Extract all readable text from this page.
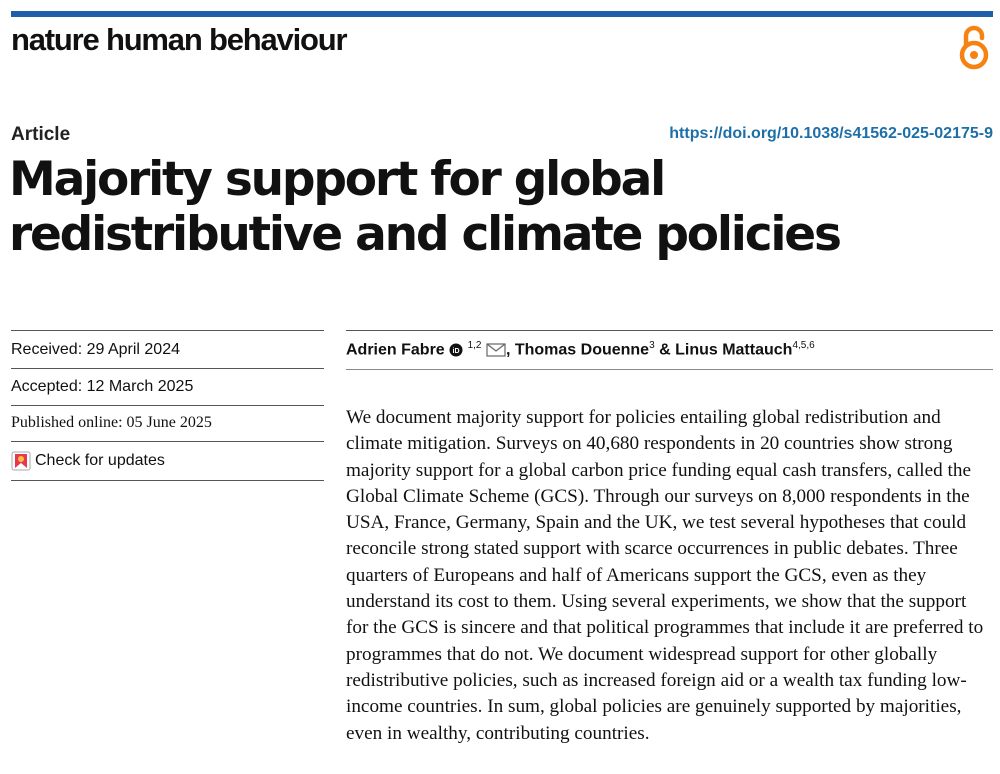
nature human behaviour
Article	https://doi.org/10.1038/s41562-025-02175-9
Majority support for global redistributive and climate policies
Received: 29 April 2024
Accepted: 12 March 2025
Published online: 05 June 2025
Check for updates
Adrien Fabre iD
$^{1,2}$ , Thomas Douenne$^3$ & Linus Mattauch$^{4,5,6}$

We document majority support for policies entailing global redistribution and climate mitigation. Surveys on 40,680 respondents in 20 countries show strong majority support for a global carbon price funding equal cash transfers, called the Global Climate Scheme (GCS). Through our surveys on 8,000 respondents in the USA, France, Germany, Spain and the UK, we test several hypotheses that could reconcile strong stated support with scarce occurrences in public debates. Three quarters of Europeans and half of Americans support the GCS, even as they understand its cost to them. Using several experiments, we show that the support for the GCS is sincere and that political programmes that include it are preferred to programmes that do not. We document widespread support for other globally redistributive policies, such as increased foreign aid or a wealth tax funding low-income countries. In sum, global policies are genuinely supported by majorities, even in wealthy, contributing countries.
